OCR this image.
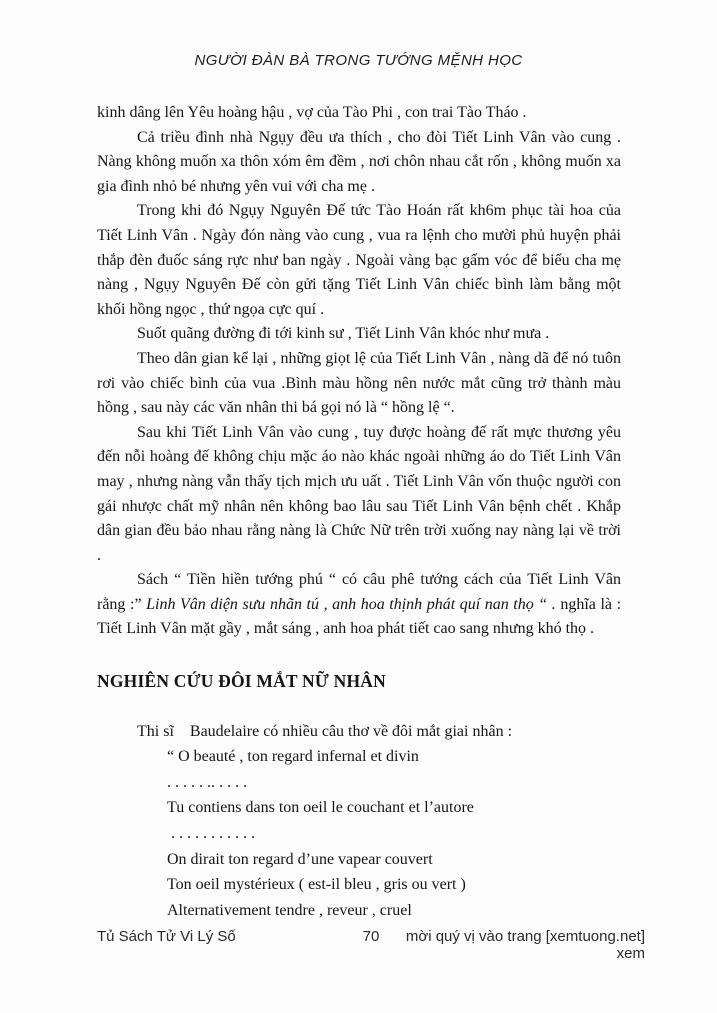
NGƯỜI ĐÀN BÀ TRONG TƯỚNG MỆNH HỌC

kinh dâng lên Yêu hoàng hậu , vợ của Tào Phi , con trai Tào Tháo .

Cả triều đình nhà Ngụy đều ưa thích , cho đòi Tiết Linh Vân vào cung . Nàng không muốn xa thôn xóm êm đềm , nơi chôn nhau cắt rốn , không muốn xa gia đình nhỏ bé nhưng yên vui với cha mẹ .

Trong khi đó Ngụy Nguyên Đế tức Tào Hoán rất kh6m phục tài hoa của Tiết Linh Vân . Ngày đón nàng vào cung , vua ra lệnh cho mười phủ huyện phải thắp đèn đuốc sáng rực như ban ngày . Ngoài vàng bạc gấm vóc để biếu cha mẹ nàng , Ngụy Nguyên Đế còn gửi tặng Tiết Linh Vân chiếc bình làm bằng một khối hồng ngọc , thứ ngọa cực quí .

Suốt quãng đường đi tới kinh sư , Tiết Linh Vân khóc như mưa .

Theo dân gian kể lại , những giọt lệ của Tiết Linh Vân , nàng dã để nó tuôn rơi vào chiếc bình của vua .Bình màu hồng nên nước mắt cũng trở thành màu hồng , sau này các văn nhân thi bá gọi nó là “ hồng lệ “.

Sau khi Tiết Linh Vân vào cung , tuy được hoàng đế rất mực thương yêu đến nỗi hoàng đế không chịu mặc áo nào khác ngoài những áo do Tiết Linh Vân may , nhưng nàng vẫn thấy tịch mịch ưu uất . Tiết Linh Vân vốn thuộc người con gái nhược chất mỹ nhân nên không bao lâu sau Tiết Linh Vân bệnh chết . Khắp dân gian đều bảo nhau rằng nàng là Chức Nữ trên trời xuống nay nàng lại về trời .

Sách “ Tiền hiền tướng phú “ có câu phê tướng cách của Tiết Linh Vân rằng :” Linh Vân diện sưu nhãn tú , anh hoa thịnh phát quí nan thọ “ . nghĩa là : Tiết Linh Vân mặt gầy , mắt sáng , anh hoa phát tiết cao sang nhưng khó thọ .

NGHIÊN CỨU ĐÔI MẮT NỮ NHÂN

Thi sĩ    Baudelaire có nhiều câu thơ về đôi mắt giai nhân :

“ O beauté , ton regard infernal et divin
. . . . . .. . . . .
Tu contiens dans ton oeil le couchant et l’autore
. . . . . . . . . . .
On dirait ton regard d’une vapear couvert
Ton oeil mystérieux ( est-il bleu , gris ou vert )
Alternativement tendre , reveur , cruel
Tủ Sách Tử Vi Lý Số	70	mời quý vị vào trang [xemtuong.net] xem
